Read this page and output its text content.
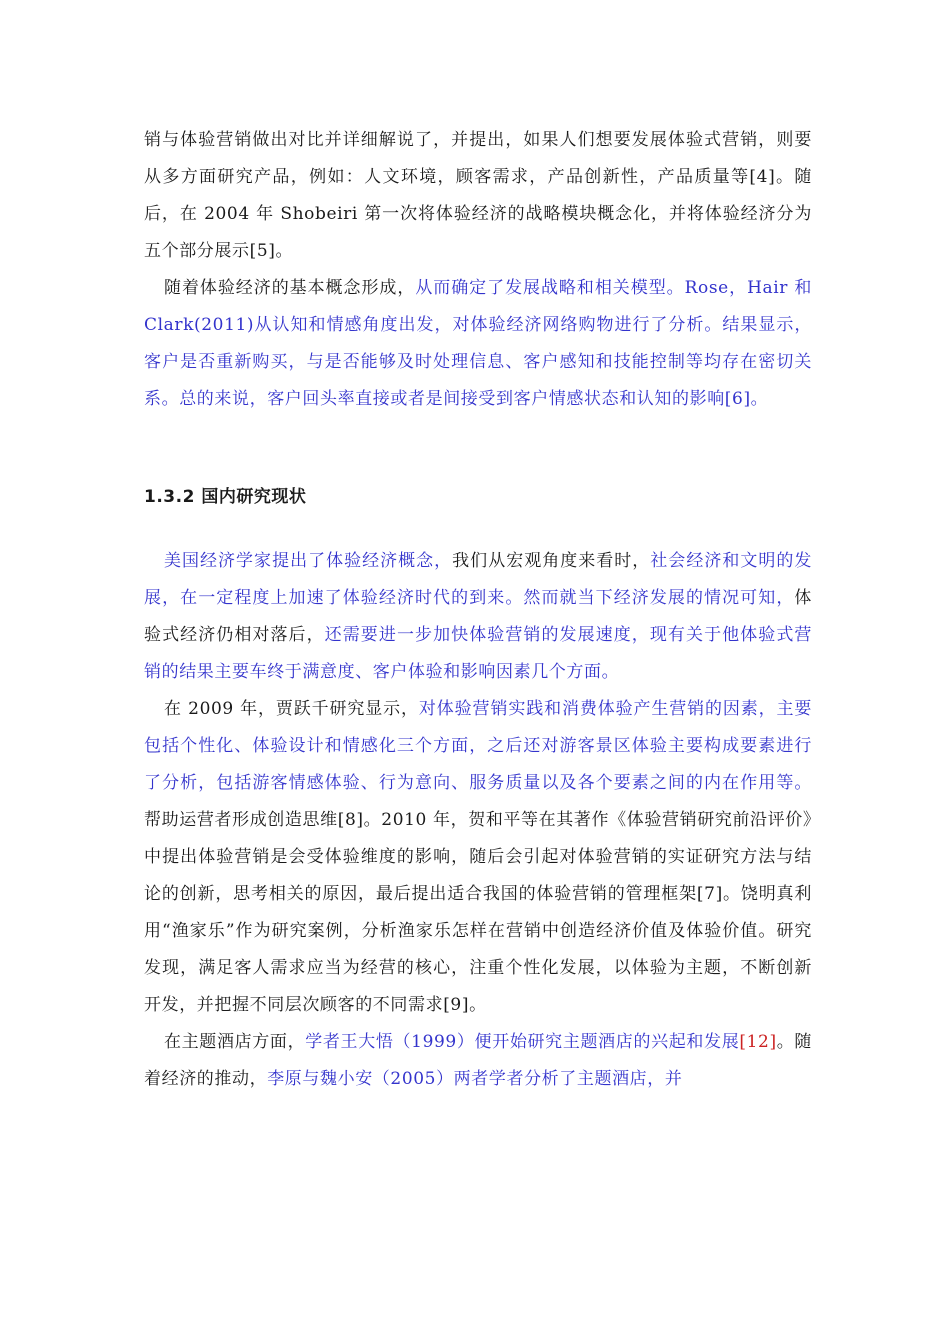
销与体验营销做出对比并详细解说了，并提出，如果人们想要发展体验式营销，则要从多方面研究产品，例如：人文环境，顾客需求，产品创新性，产品质量等[4]。随后，在 2004 年 Shobeiri 第一次将体验经济的战略模块概念化，并将体验经济分为五个部分展示[5]。

随着体验经济的基本概念形成，从而确定了发展战略和相关模型。Rose，Hair 和 Clark(2011)从认知和情感角度出发，对体验经济网络购物进行了分析。结果显示，客户是否重新购买，与是否能够及时处理信息、客户感知和技能控制等均存在密切关系。总的来说，客户回头率直接或者是间接受到客户情感状态和认知的影响[6]。

1.3.2 国内研究现状

美国经济学家提出了体验经济概念，我们从宏观角度来看时，社会经济和文明的发展，在一定程度上加速了体验经济时代的到来。然而就当下经济发展的情况可知，体验式经济仍相对落后，还需要进一步加快体验营销的发展速度，现有关于他体验式营销的结果主要车终于满意度、客户体验和影响因素几个方面。

在 2009 年，贾跃千研究显示，对体验营销实践和消费体验产生营销的因素，主要包括个性化、体验设计和情感化三个方面，之后还对游客景区体验主要构成要素进行了分析，包括游客情感体验、行为意向、服务质量以及各个要素之间的内在作用等。帮助运营者形成创造思维[8]。2010 年，贺和平等在其著作《体验营销研究前沿评价》中提出体验营销是会受体验维度的影响，随后会引起对体验营销的实证研究方法与结论的创新，思考相关的原因，最后提出适合我国的体验营销的管理框架[7]。饶明真利用“渔家乐”作为研究案例，分析渔家乐怎样在营销中创造经济价值及体验价值。研究发现，满足客人需求应当为经营的核心，注重个性化发展，以体验为主题，不断创新开发，并把握不同层次顾客的不同需求[9]。

在主题酒店方面，学者王大悟（1999）便开始研究主题酒店的兴起和发展[12]。随着经济的推动，李原与魏小安（2005）两者学者分析了主题酒店，并
